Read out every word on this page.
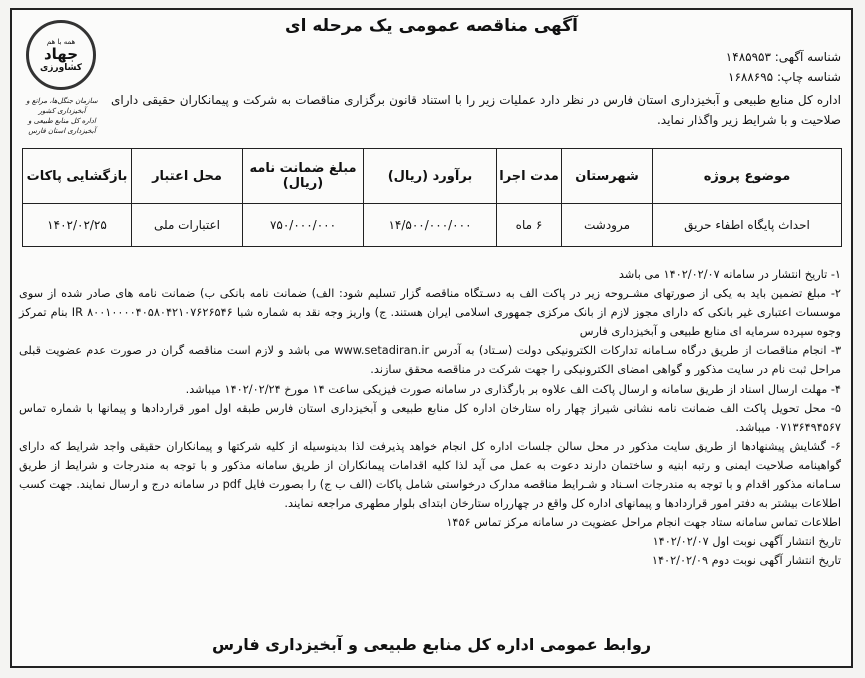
آگهی مناقصه عمومی یک مرحله ای
همه با هم
جهاد
کشاورزی
سازمان جنگل‌ها، مراتع و آبخیزداری کشور
اداره کل منابع طبیعی و آبخیزداری استان فارس
شناسه آگهی: ۱۴۸۵۹۵۳
شناسه چاپ: ۱۶۸۸۶۹۵
اداره کل منابع طبیعی و آبخیزداری استان فارس در نظر دارد عملیات زیر را با استناد قانون برگزاری مناقصات به شرکت و پیمانکاران حقیقی دارای صلاحیت و با شرایط زیر واگذار نماید.
موضوع پروژه	شهرستان	مدت اجرا	برآورد (ریال)	مبلغ ضمانت نامه (ریال)	محل اعتبار	بازگشایی پاکات
احداث پایگاه اطفاء حریق	مرودشت	۶ ماه	۱۴/۵۰۰/۰۰۰/۰۰۰	۷۵۰/۰۰۰/۰۰۰	اعتبارات ملی	۱۴۰۲/۰۲/۲۵

۱- تاریخ انتشار در سامانه ۱۴۰۲/۰۲/۰۷ می باشد

۲- مبلغ تضمین باید به یکی از صورتهای مشـروحه زیر در پاکت الف به دسـتگاه مناقصه گزار تسلیم شود: الف) ضمانت نامه بانکی ب) ضمانت نامه های صادر شده از سوی موسسات اعتباری غیر بانکی که دارای مجوز لازم از بانک مرکزی جمهوری اسلامی ایران هستند. ج) واریز وجه نقد به شماره شبا IR ۸۰۰۱۰۰۰۰۴۰۵۸۰۴۲۱۰۷۶۲۶۵۴۶ بنام تمرکز وجوه سپرده سرمایه ای منابع طبیعی و آبخیزداری فارس

۳- انجام مناقصات از طریق درگاه سـامانه تدارکات الکترونیکی دولت (سـتاد) به آدرس www.setadiran.ir می باشد و لازم است مناقصه گران در صورت عدم عضویت قبلی مراحل ثبت نام در سایت مذکور و گواهی امضای الکترونیکی را جهت شرکت در مناقصه محقق سازند.

۴- مهلت ارسال اسناد از طریق سامانه و ارسال پاکت الف علاوه بر بارگذاری در سامانه صورت فیزیکی ساعت ۱۴ مورخ ۱۴۰۲/۰۲/۲۴ میباشد.

۵- محل تحویل پاکت الف ضمانت نامه نشانی شیراز چهار راه ستارخان اداره کل منابع طبیعی و آبخیزداری استان فارس طبقه اول امور قراردادها و پیمانها با شماره تماس ۰۷۱۳۶۴۹۴۵۶۷ میباشد.

۶- گشایش پیشنهادها از طریق سایت مذکور در محل سالن جلسات اداره کل انجام خواهد پذیرفت لذا بدینوسیله از کلیه شرکتها و پیمانکاران حقیقی واجد شرایط که دارای گواهینامه صلاحیت ایمنی و رتبه ابنیه و ساختمان دارند دعوت به عمل می آید لذا کلیه اقدامات پیمانکاران از طریق سامانه مذکور و با توجه به مندرجات و شرایط از طریق سـامانه مذکور اقدام و با توجه به مندرجات اسـناد و شـرایط مناقصه مدارک درخواستی شامل پاکات (الف ب ج) را بصورت فایل pdf در سامانه درج و ارسال نمایند. جهت کسب اطلاعات بیشتر به دفتر امور قراردادها و پیمانهای اداره کل واقع در چهارراه ستارخان ابتدای بلوار مطهری مراجعه نمایند.

اطلاعات تماس سامانه ستاد جهت انجام مراحل عضویت در سامانه مرکز تماس ۱۴۵۶

تاریخ انتشار آگهی نوبت اول ۱۴۰۲/۰۲/۰۷

تاریخ انتشار آگهی نوبت دوم ۱۴۰۲/۰۲/۰۹

روابط عمومی اداره کل منابع طبیعی و آبخیزداری فارس
